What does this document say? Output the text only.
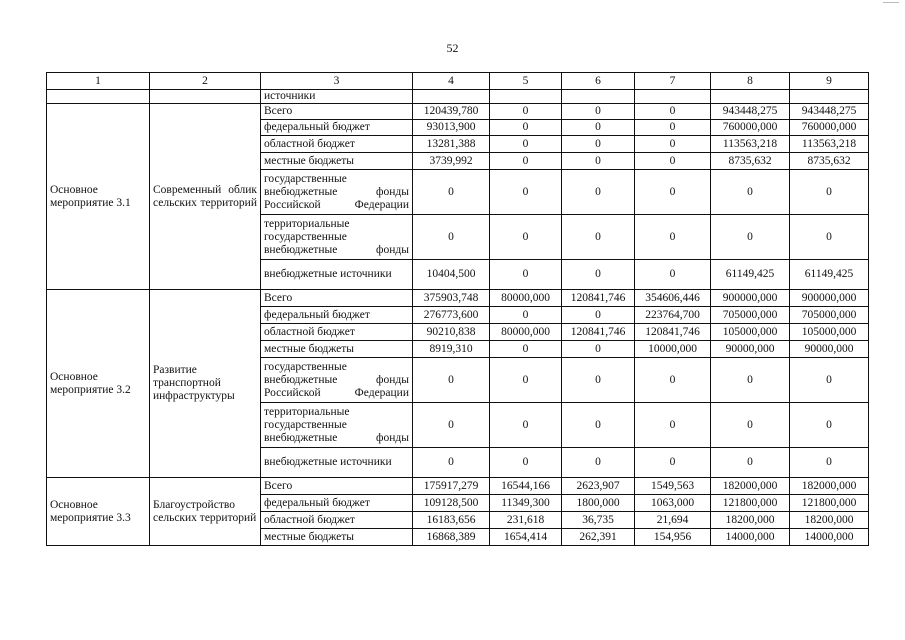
52
1	2	3	4	5	6	7	8	9
		источники						
Основное мероприятие 3.1	Современный облик сельских территорий	Всего	120439,780	0	0	0	943448,275	943448,275
		федеральный бюджет	93013,900	0	0	0	760000,000	760000,000
		областной бюджет	13281,388	0	0	0	113563,218	113563,218
		местные бюджеты	3739,992	0	0	0	8735,632	8735,632
		государственные внебюджетные фонды Российской Федерации	0	0	0	0	0	0
		территориальные государственные внебюджетные фонды	0	0	0	0	0	0
		внебюджетные источники	10404,500	0	0	0	61149,425	61149,425
Основное мероприятие 3.2	Развитие транспортной инфраструктуры	Всего	375903,748	80000,000	120841,746	354606,446	900000,000	900000,000
		федеральный бюджет	276773,600	0	0	223764,700	705000,000	705000,000
		областной бюджет	90210,838	80000,000	120841,746	120841,746	105000,000	105000,000
		местные бюджеты	8919,310	0	0	10000,000	90000,000	90000,000
		государственные внебюджетные фонды Российской Федерации	0	0	0	0	0	0
		территориальные государственные внебюджетные фонды	0	0	0	0	0	0
		внебюджетные источники	0	0	0	0	0	0
Основное мероприятие 3.3	Благоустройство сельских территорий	Всего	175917,279	16544,166	2623,907	1549,563	182000,000	182000,000
		федеральный бюджет	109128,500	11349,300	1800,000	1063,000	121800,000	121800,000
		областной бюджет	16183,656	231,618	36,735	21,694	18200,000	18200,000
		местные бюджеты	16868,389	1654,414	262,391	154,956	14000,000	14000,000
